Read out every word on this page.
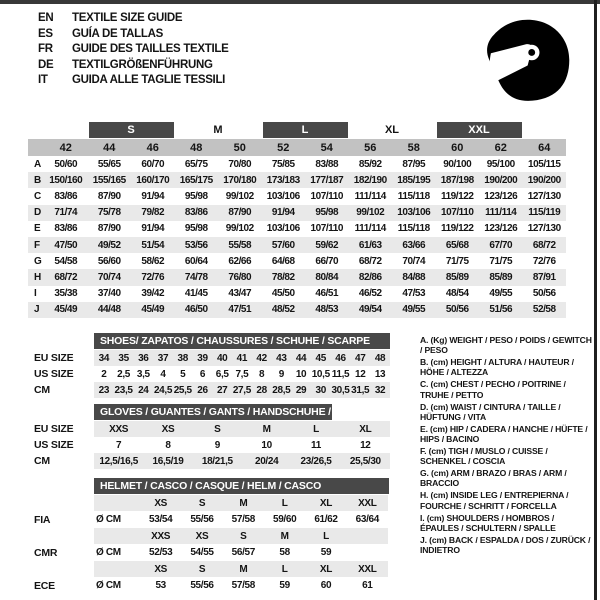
EN	TEXTILE SIZE GUIDE
ES	GUÍA DE TALLAS
FR	GUIDE DES TAILLES TEXTILE
DE	TEXTILGRÖßENFÜHRUNG
IT	GUIDA ALLE TAGLIE TESSILI

		S		M		L		XL		XXL		

	42	44	46	48	50	52	54	56	58	60	62	64
A	50/60	55/65	60/70	65/75	70/80	75/85	83/88	85/92	87/95	90/100	95/100	105/115
B	150/160	155/165	160/170	165/175	170/180	173/183	177/187	182/190	185/195	187/198	190/200	190/200
C	83/86	87/90	91/94	95/98	99/102	103/106	107/110	111/114	115/118	119/122	123/126	127/130
D	71/74	75/78	79/82	83/86	87/90	91/94	95/98	99/102	103/106	107/110	111/114	115/119
E	83/86	87/90	91/94	95/98	99/102	103/106	107/110	111/114	115/118	119/122	123/126	127/130
F	47/50	49/52	51/54	53/56	55/58	57/60	59/62	61/63	63/66	65/68	67/70	68/72
G	54/58	56/60	58/62	60/64	62/66	64/68	66/70	68/72	70/74	71/75	71/75	72/76
H	68/72	70/74	72/76	74/78	76/80	78/82	80/84	82/86	84/88	85/89	85/89	87/91
I	35/38	37/40	39/42	41/45	43/47	45/50	46/51	46/52	47/53	48/54	49/55	50/56
J	45/49	44/48	45/49	46/50	47/51	48/52	48/53	49/54	49/55	50/56	51/56	52/58
SHOES/ ZAPATOS / CHAUSSURES / SCHUHE / SCARPE
EU SIZE	34	35	36	37	38	39	40	41	42	43	44	45	46	47	48
US SIZE	2	2,5	3,5	4	5	6	6,5	7,5	8	9	10	10,5	11,5	12	13
CM	23	23,5	24	24,5	25,5	26	27	27,5	28	28,5	29	30	30,5	31,5	32
GLOVES / GUANTES / GANTS / HANDSCHUHE / GUANTI
EU SIZE	XXS	XS	S	M	L	XL
US SIZE	7	8	9	10	11	12
CM	12,5/16,5	16,5/19	18/21,5	20/24	23/26,5	25,5/30
HELMET / CASCO / CASQUE / HELM / CASCO
		XS	S	M	L	XL	XXL
FIA	Ø CM	53/54	55/56	57/58	59/60	61/62	63/64
		XXS	XS	S	M	L	
CMR	Ø CM	52/53	54/55	56/57	58	59	
		XS	S	M	L	XL	XXL
ECE	Ø CM	53	55/56	57/58	59	60	61
A. (Kg) WEIGHT / PESO / POIDS / GEWITCH / PESO
B. (cm) HEIGHT / ALTURA / HAUTEUR / HÖHE / ALTEZZA
C. (cm) CHEST / PECHO / POITRINE / TRUHE / PETTO
D. (cm) WAIST / CINTURA / TAILLE / HÜFTUNG / VITA
E. (cm) HIP / CADERA / HANCHE / HÜFTE / HIPS / BACINO
F. (cm) TIGH / MUSLO / CUISSE / SCHENKEL / COSCIA
G. (cm) ARM / BRAZO / BRAS / ARM / BRACCIO
H. (cm) INSIDE LEG / ENTREPIERNA / FOURCHE / SCHRITT / FORCELLA
I. (cm) SHOULDERS / HOMBROS / ÉPAULES / SCHULTERN / SPALLE
J. (cm) BACK / ESPALDA / DOS / ZURÜCK / INDIETRO
